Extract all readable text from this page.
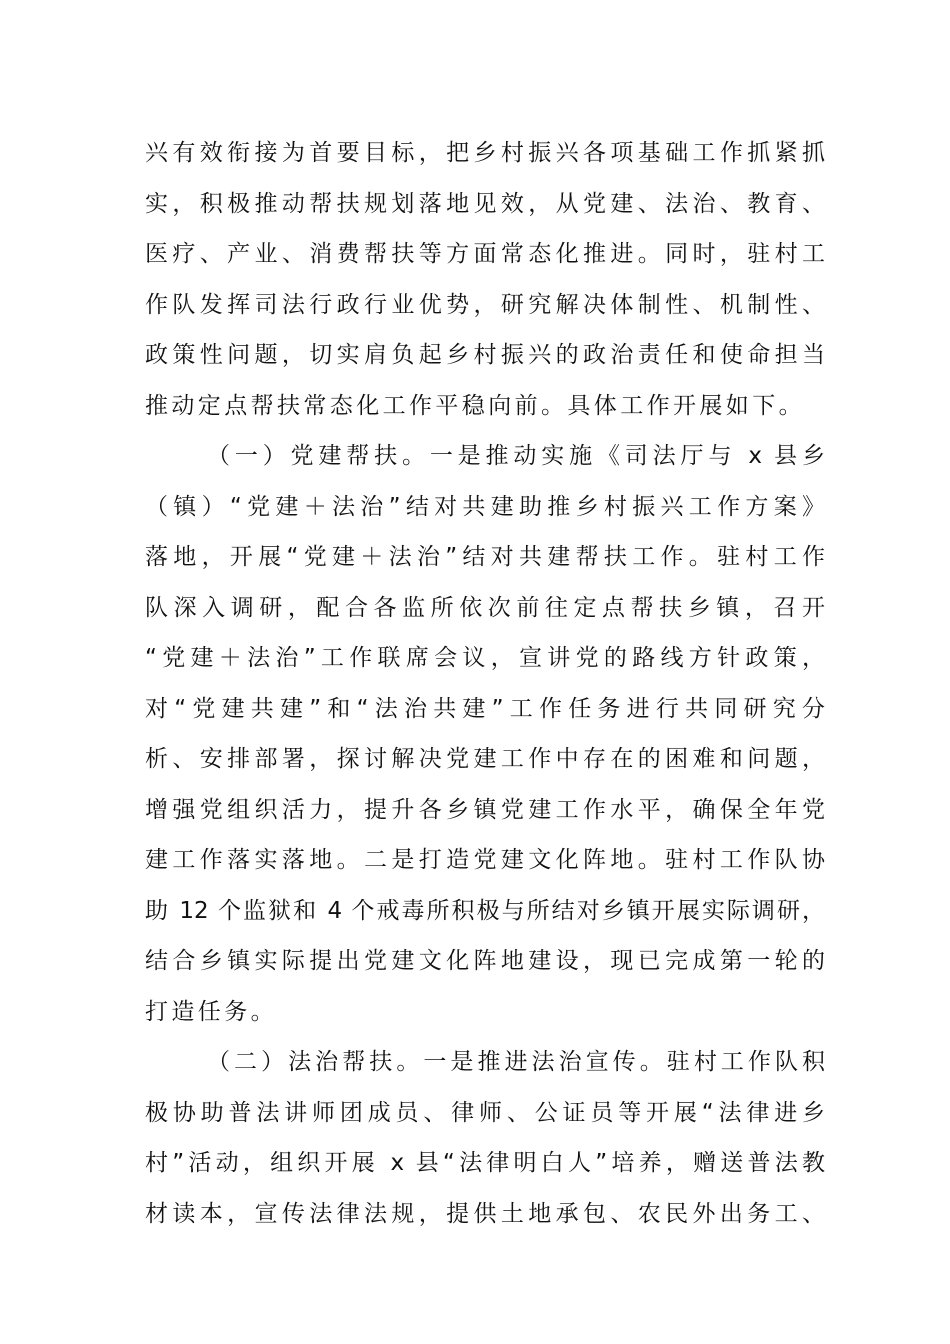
兴有效衔接为首要目标，把乡村振兴各项基础工作抓紧抓
实，积极推动帮扶规划落地见效，从党建、法治、教育、
医疗、产业、消费帮扶等方面常态化推进。同时，驻村工
作队发挥司法行政行业优势，研究解决体制性、机制性、
政策性问题，切实肩负起乡村振兴的政治责任和使命担当
推动定点帮扶常态化工作平稳向前。具体工作开展如下。
（一）党建帮扶。一是推动实施《司法厅与 x 县乡
（镇）“党建＋法治”结对共建助推乡村振兴工作方案》
落地，开展“党建＋法治”结对共建帮扶工作。驻村工作
队深入调研，配合各监所依次前往定点帮扶乡镇，召开
“党建＋法治”工作联席会议，宣讲党的路线方针政策，
对“党建共建”和“法治共建”工作任务进行共同研究分
析、安排部署，探讨解决党建工作中存在的困难和问题，
增强党组织活力，提升各乡镇党建工作水平，确保全年党
建工作落实落地。二是打造党建文化阵地。驻村工作队协
助 12 个监狱和 4 个戒毒所积极与所结对乡镇开展实际调研，
结合乡镇实际提出党建文化阵地建设，现已完成第一轮的
打造任务。
（二）法治帮扶。一是推进法治宣传。驻村工作队积
极协助普法讲师团成员、律师、公证员等开展“法律进乡
村”活动，组织开展 x 县“法律明白人”培养，赠送普法教
材读本，宣传法律法规，提供土地承包、农民外出务工、
